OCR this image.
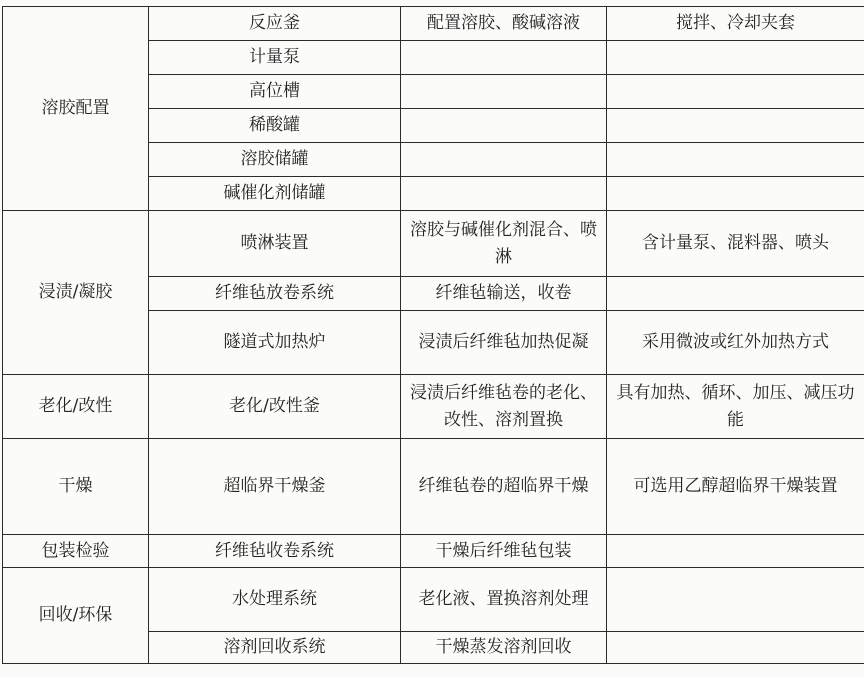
溶胶配置	反应釜	配置溶胶、酸碱溶液	搅拌、冷却夹套
	计量泵		
	高位槽		
	稀酸罐		
	溶胶储罐		
	碱催化剂储罐		
浸渍/凝胶	喷淋装置	溶胶与碱催化剂混合、喷淋	含计量泵、混料器、喷头
	纤维毡放卷系统	纤维毡输送，收卷	
	隧道式加热炉	浸渍后纤维毡加热促凝	采用微波或红外加热方式
老化/改性	老化/改性釜	浸渍后纤维毡卷的老化、改性、溶剂置换	具有加热、循环、加压、减压功能
干燥	超临界干燥釜	纤维毡卷的超临界干燥	可选用乙醇超临界干燥装置
包装检验	纤维毡收卷系统	干燥后纤维毡包装	
回收/环保	水处理系统	老化液、置换溶剂处理	
	溶剂回收系统	干燥蒸发溶剂回收	
